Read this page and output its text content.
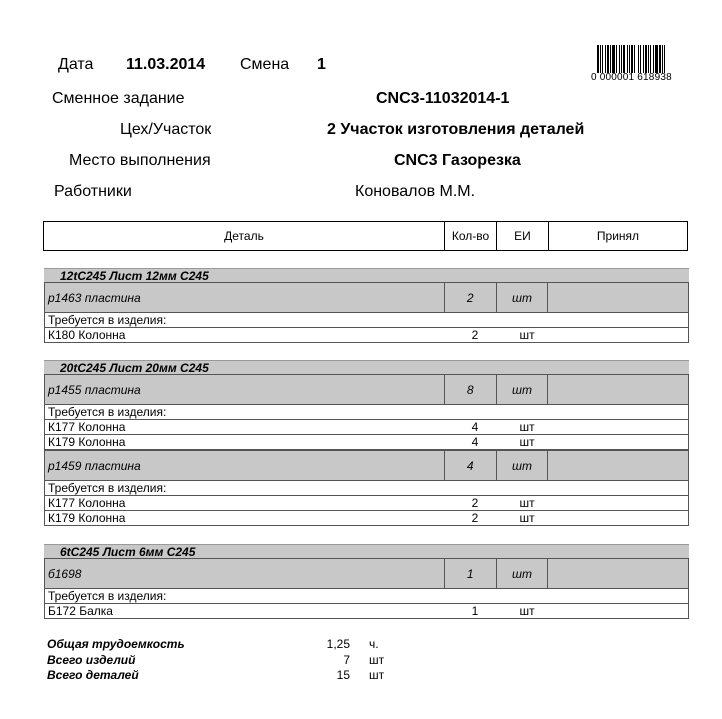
Дата 11.03.2014 Смена 1
Сменное задание	CNC3-11032014-1
Цех/Участок	2 Участок изготовления деталей
Место выполнения	CNC3 Газорезка
Работники	Коновалов М.М.
0 000001 618938
Деталь	Кол-во	ЕИ	Принял
12tC245 Лист 12мм С245
р1463 пластина	2	шт
Требуется в изделия:
К180 Колонна	2	шт
20tC245 Лист 20мм С245
р1455 пластина	8	шт
Требуется в изделия:
К177 Колонна	4	шт
К179 Колонна	4	шт
р1459 пластина	4	шт
Требуется в изделия:
К177 Колонна	2	шт
К179 Колонна	2	шт
6tC245 Лист 6мм С245
б1698	1	шт
Требуется в изделия:
Б172 Балка	1	шт
Общая трудоемкость	1,25 ч.
Всего изделий	7 шт
Всего деталей	15 шт
